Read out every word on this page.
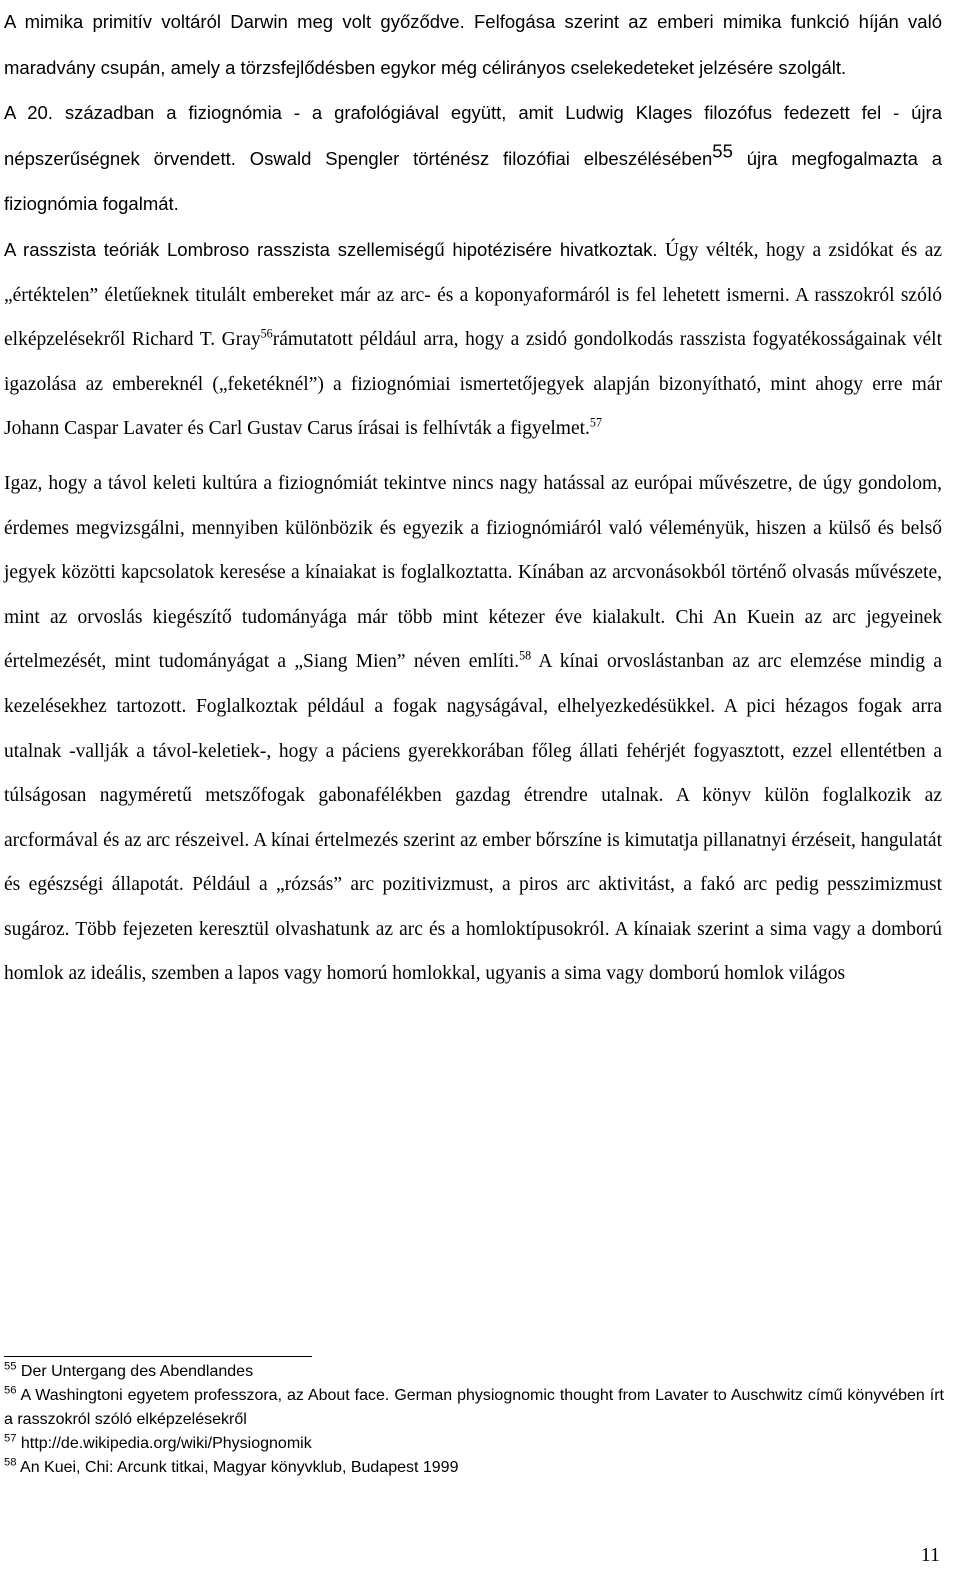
A mimika primitív voltáról Darwin meg volt győződve. Felfogása szerint az emberi mimika funkció híján való maradvány csupán, amely a törzsfejlődésben egykor még célirányos cselekedeteket jelzésére szolgált.
A 20. században a fiziognómia - a grafológiával együtt, amit Ludwig Klages filozófus fedezett fel - újra népszerűségnek örvendett. Oswald Spengler történész filozófiai elbeszélésében$^{55}$ újra megfogalmazta a fiziognómia fogalmát.
A rasszista teóriák Lombroso rasszista szellemiségű hipotézisére hivatkoztak. Úgy vélték, hogy a zsidókat és az „értéktelen” életűeknek titulált embereket már az arc- és a koponyaformáról is fel lehetett ismerni. A rasszokról szóló elképzelésekről Richard T. Gray$^{56}$rámutatott például arra, hogy a zsidó gondolkodás rasszista fogyatékosságainak vélt igazolása az embereknél („feketéknél”) a fiziognómiai ismertetőjegyek alapján bizonyítható, mint ahogy erre már Johann Caspar Lavater és Carl Gustav Carus írásai is felhívták a figyelmet.$^{57}$

Igaz, hogy a távol keleti kultúra a fiziognómiát tekintve nincs nagy hatással az európai művészetre, de úgy gondolom, érdemes megvizsgálni, mennyiben különbözik és egyezik a fiziognómiáról való véleményük, hiszen a külső és belső jegyek közötti kapcsolatok keresése a kínaiakat is foglalkoztatta. Kínában az arcvonásokból történő olvasás művészete, mint az orvoslás kiegészítő tudományága már több mint kétezer éve kialakult. Chi An Kuein az arc jegyeinek értelmezését, mint tudományágat a „Siang Mien” néven említi.$^{58}$ A kínai orvoslástanban az arc elemzése mindig a kezelésekhez tartozott. Foglalkoztak például a fogak nagyságával, elhelyezkedésükkel. A pici hézagos fogak arra utalnak -vallják a távol-keletiek-, hogy a páciens gyerekkorában főleg állati fehérjét fogyasztott, ezzel ellentétben a túlságosan nagyméretű metszőfogak gabonafélékben gazdag étrendre utalnak. A könyv külön foglalkozik az arcformával és az arc részeivel. A kínai értelmezés szerint az ember bőrszíne is kimutatja pillanatnyi érzéseit, hangulatát és egészségi állapotát. Például a „rózsás” arc pozitivizmust, a piros arc aktivitást, a fakó arc pedig pesszimizmust sugároz. Több fejezeten keresztül olvashatunk az arc és a homloktípusokról. A kínaiak szerint a sima vagy a domború homlok az ideális, szemben a lapos vagy homorú homlokkal, ugyanis a sima vagy domború homlok világos

$^{55}$ Der Untergang des Abendlandes

$^{56}$ A Washingtoni egyetem professzora, az About face. German physiognomic thought from Lavater to Auschwitz című könyvében írt a rasszokról szóló elképzelésekről

$^{57}$ http://de.wikipedia.org/wiki/Physiognomik

$^{58}$ An Kuei, Chi: Arcunk titkai, Magyar könyvklub, Budapest 1999

11
